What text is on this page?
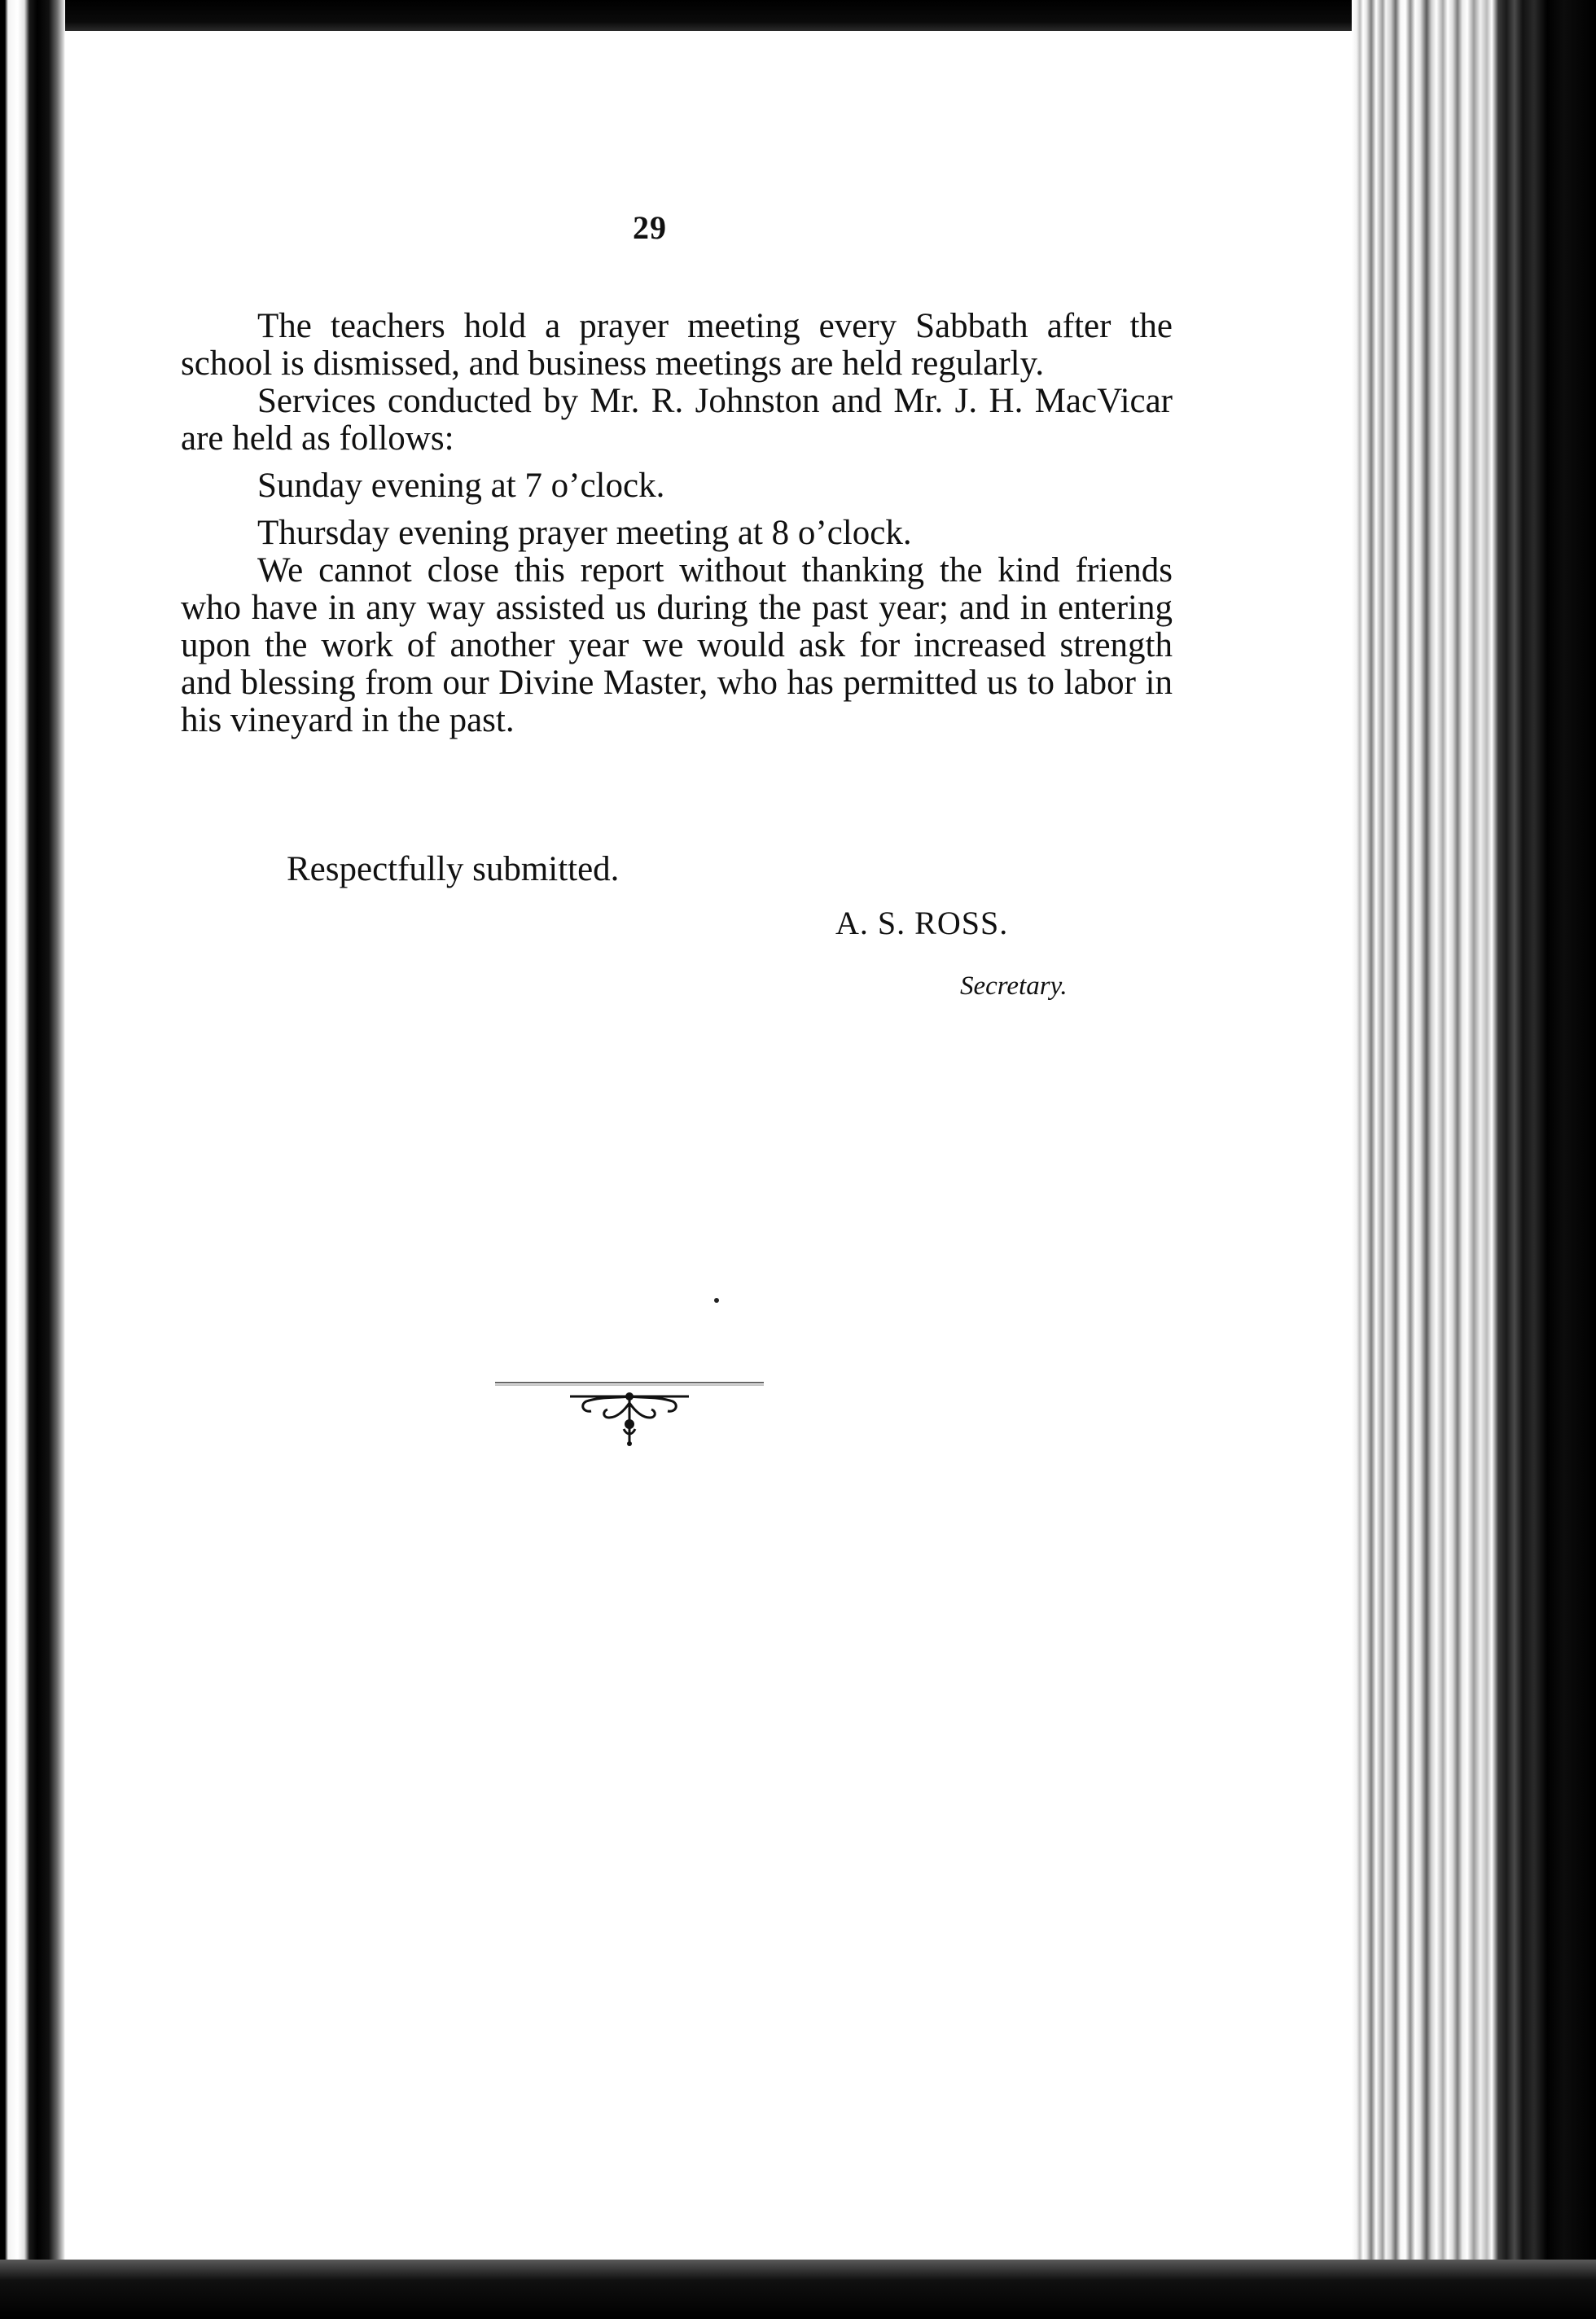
29

The teachers hold a prayer meeting every Sabbath after the school is dismissed, and business meetings are held regularly.

Services conducted by Mr. R. Johnston and Mr. J. H. MacVicar are held as follows:

Sunday evening at 7 o’clock.

Thursday evening prayer meeting at 8 o’clock.

We cannot close this report without thanking the kind friends who have in any way assisted us during the past year; and in entering upon the work of another year we would ask for increased strength and blessing from our Divine Master, who has permitted us to labor in his vineyard in the past.

Respectfully submitted.
A. S. ROSS.
Secretary.
